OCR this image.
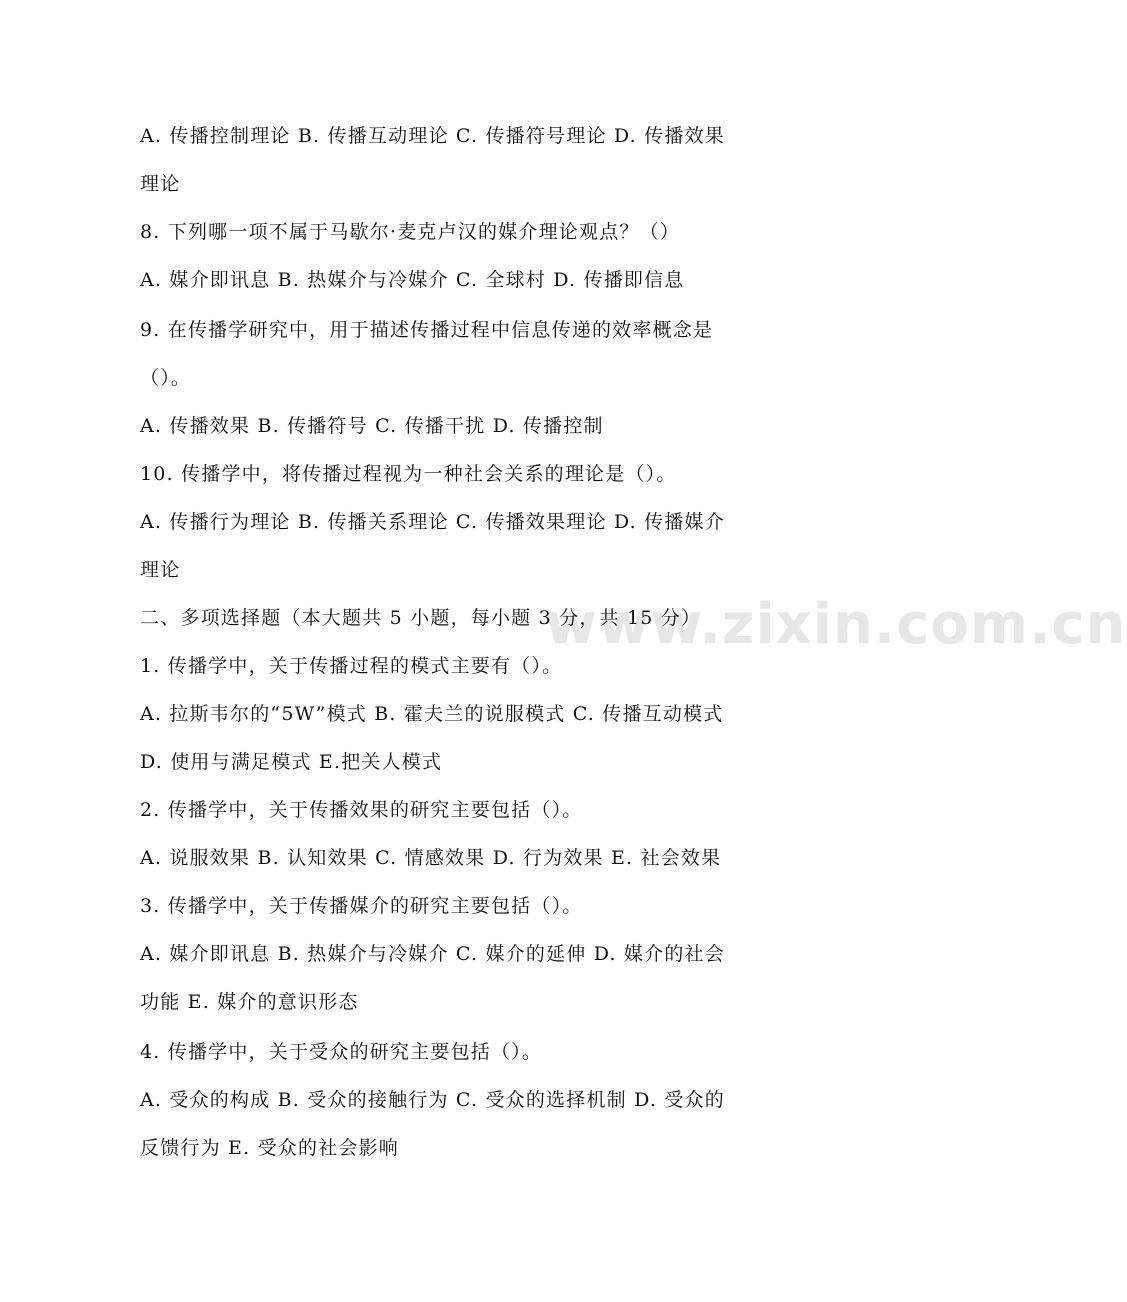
www.zixin.com.cn
A. 传播控制理论 B. 传播互动理论 C. 传播符号理论 D. 传播效果
理论
8. 下列哪一项不属于马歇尔·麦克卢汉的媒介理论观点？（）
A. 媒介即讯息 B. 热媒介与冷媒介 C. 全球村 D. 传播即信息
9. 在传播学研究中，用于描述传播过程中信息传递的效率概念是
（）。
A. 传播效果 B. 传播符号 C. 传播干扰 D. 传播控制
10. 传播学中，将传播过程视为一种社会关系的理论是（）。
A. 传播行为理论 B. 传播关系理论 C. 传播效果理论 D. 传播媒介
理论
二、多项选择题（本大题共 5 小题，每小题 3 分，共 15 分）
1. 传播学中，关于传播过程的模式主要有（）。
A. 拉斯韦尔的“5W”模式 B. 霍夫兰的说服模式 C. 传播互动模式
D. 使用与满足模式 E.把关人模式
2. 传播学中，关于传播效果的研究主要包括（）。
A. 说服效果 B. 认知效果 C. 情感效果 D. 行为效果 E. 社会效果
3. 传播学中，关于传播媒介的研究主要包括（）。
A. 媒介即讯息 B. 热媒介与冷媒介 C. 媒介的延伸 D. 媒介的社会
功能 E. 媒介的意识形态
4. 传播学中，关于受众的研究主要包括（）。
A. 受众的构成 B. 受众的接触行为 C. 受众的选择机制 D. 受众的
反馈行为 E. 受众的社会影响
